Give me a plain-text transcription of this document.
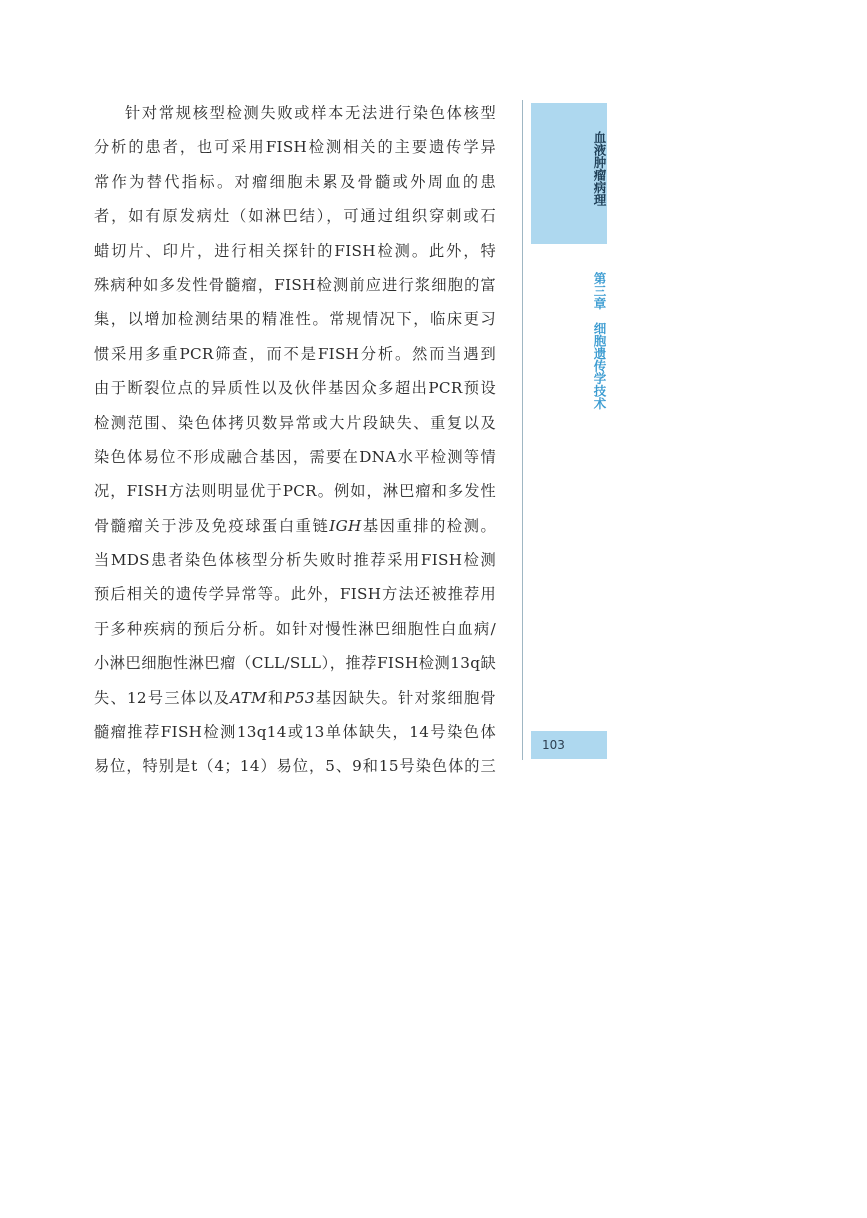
针对常规核型检测失败或样本无法进行染色体核型
分析的患者，也可采用FISH检测相关的主要遗传学异
常作为替代指标。对瘤细胞未累及骨髓或外周血的患
者，如有原发病灶（如淋巴结），可通过组织穿刺或石
蜡切片、印片，进行相关探针的FISH检测。此外，特
殊病种如多发性骨髓瘤，FISH检测前应进行浆细胞的富
集，以增加检测结果的精准性。常规情况下，临床更习
惯采用多重PCR筛查，而不是FISH分析。然而当遇到
由于断裂位点的异质性以及伙伴基因众多超出PCR预设
检测范围、染色体拷贝数异常或大片段缺失、重复以及
染色体易位不形成融合基因，需要在DNA水平检测等情
况，FISH方法则明显优于PCR。例如，淋巴瘤和多发性
骨髓瘤关于涉及免疫球蛋白重链IGH基因重排的检测。
当MDS患者染色体核型分析失败时推荐采用FISH检测
预后相关的遗传学异常等。此外，FISH方法还被推荐用
于多种疾病的预后分析。如针对慢性淋巴细胞性白血病/
小淋巴细胞性淋巴瘤（CLL/SLL），推荐FISH检测13q缺
失、12号三体以及ATM和P53基因缺失。针对浆细胞骨
髓瘤推荐FISH检测13q14或13单体缺失，14号染色体
易位，特别是t（4；14）易位，5、9和15号染色体的三
血液肿瘤病理
第三章　细胞遗传学技术
103
